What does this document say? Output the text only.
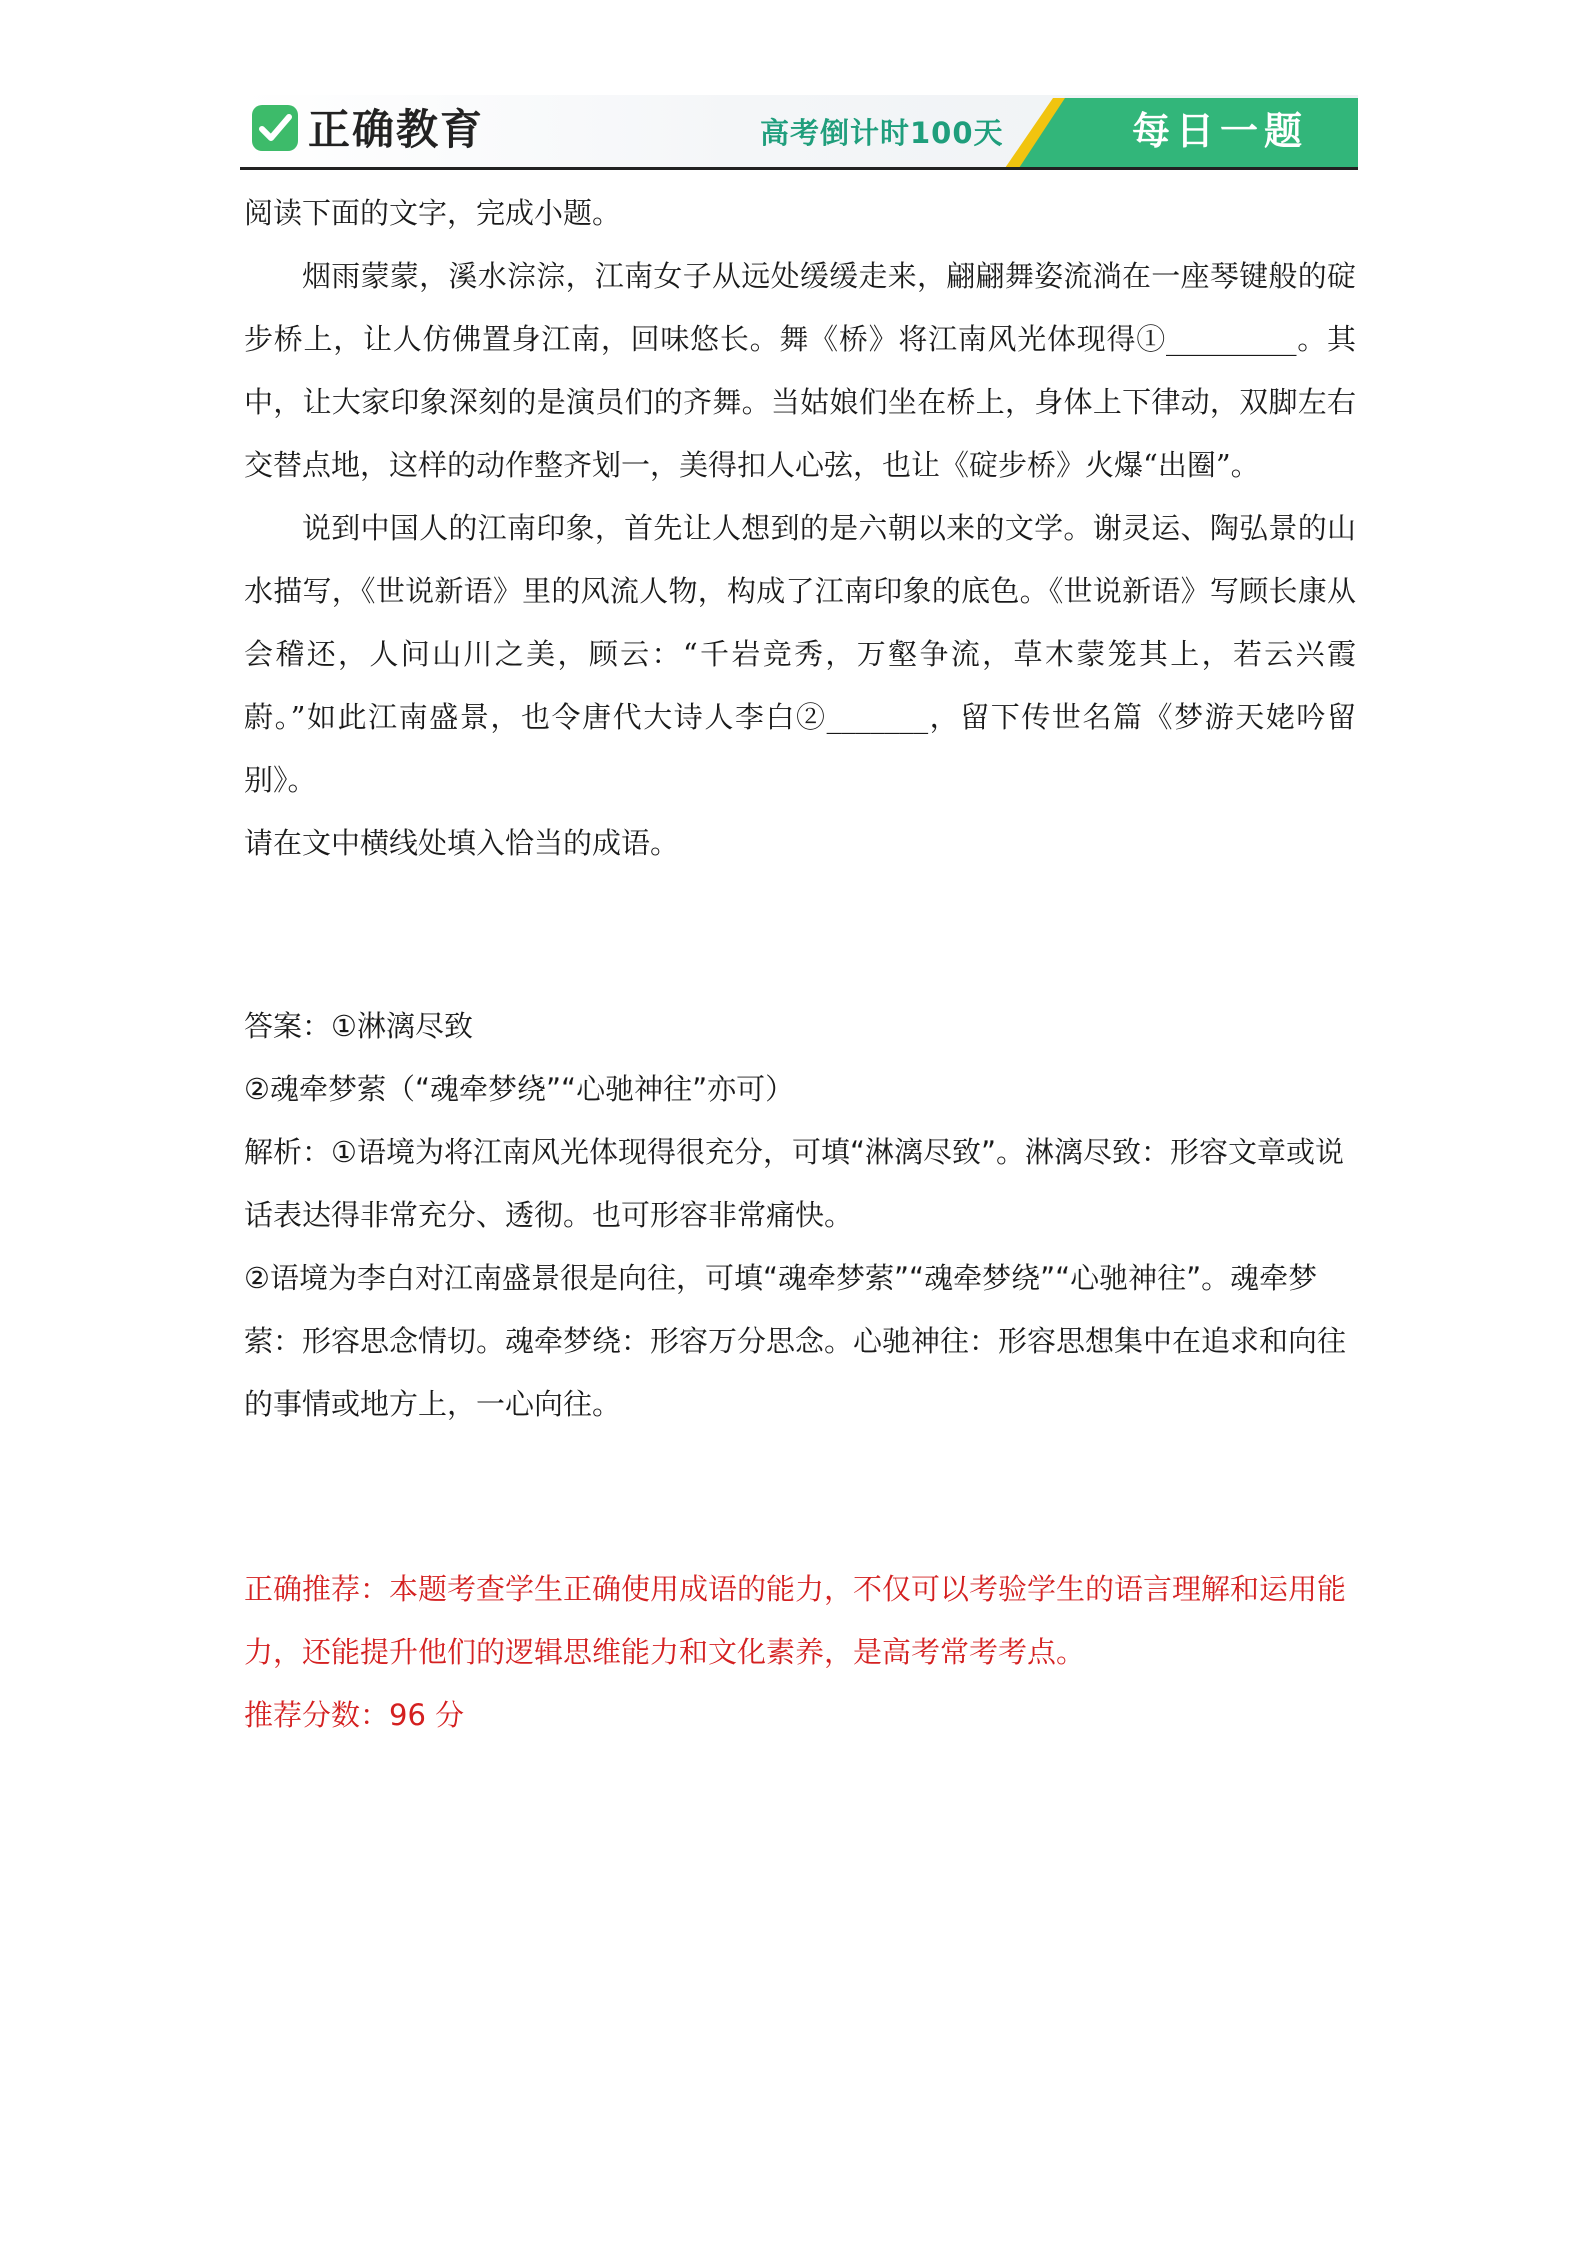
正确教育	高考倒计时100天	每日一题

阅读下面的文字，完成小题。

烟雨蒙蒙，溪水淙淙，江南女子从远处缓缓走来，翩翩舞姿流淌在一座琴键般的碇步桥上，让人仿佛置身江南，回味悠长。舞《桥》将江南风光体现得①_________。其中，让大家印象深刻的是演员们的齐舞。当姑娘们坐在桥上，身体上下律动，双脚左右交替点地，这样的动作整齐划一，美得扣人心弦，也让《碇步桥》火爆“出圈”。

说到中国人的江南印象，首先让人想到的是六朝以来的文学。谢灵运、陶弘景的山水描写，《世说新语》里的风流人物，构成了江南印象的底色。《世说新语》写顾长康从会稽还，人问山川之美，顾云：“千岩竞秀，万壑争流，草木蒙笼其上，若云兴霞蔚。”如此江南盛景，也令唐代大诗人李白②_______，留下传世名篇《梦游天姥吟留别》。

请在文中横线处填入恰当的成语。

答案：①淋漓尽致

②魂牵梦萦（“魂牵梦绕”“心驰神往”亦可）

解析：①语境为将江南风光体现得很充分，可填“淋漓尽致”。淋漓尽致：形容文章或说话表达得非常充分、透彻。也可形容非常痛快。

②语境为李白对江南盛景很是向往，可填“魂牵梦萦”“魂牵梦绕”“心驰神往”。魂牵梦萦：形容思念情切。魂牵梦绕：形容万分思念。心驰神往：形容思想集中在追求和向往的事情或地方上，一心向往。

正确推荐：本题考查学生正确使用成语的能力，不仅可以考验学生的语言理解和运用能力，还能提升他们的逻辑思维能力和文化素养，是高考常考考点。

推荐分数：96 分
